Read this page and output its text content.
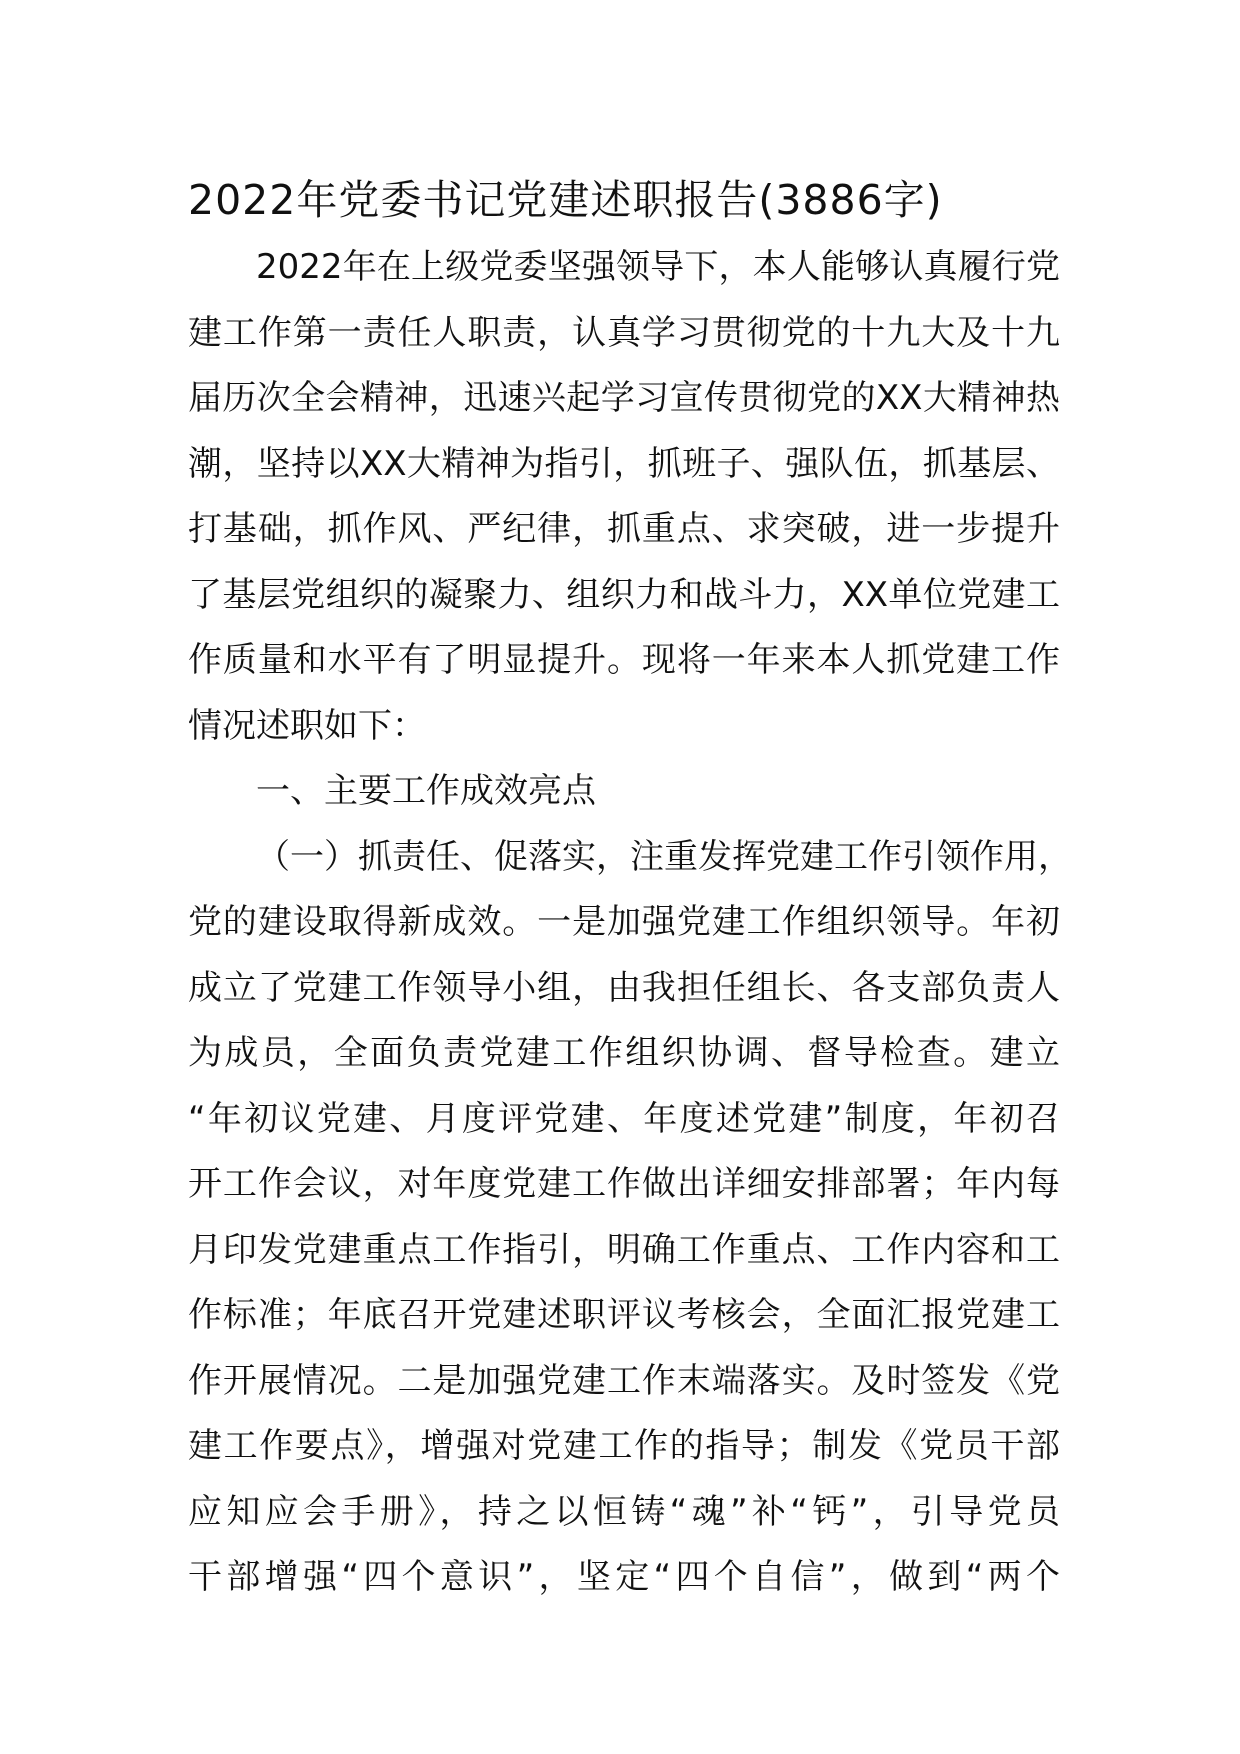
2022年党委书记党建述职报告(3886字)
2022年在上级党委坚强领导下，本人能够认真履行党
建工作第一责任人职责，认真学习贯彻党的十九大及十九
届历次全会精神，迅速兴起学习宣传贯彻党的XX大精神热
潮，坚持以XX大精神为指引，抓班子、强队伍，抓基层、
打基础，抓作风、严纪律，抓重点、求突破，进一步提升
了基层党组织的凝聚力、组织力和战斗力，XX单位党建工
作质量和水平有了明显提升。现将一年来本人抓党建工作
情况述职如下：
一、主要工作成效亮点
（一）抓责任、促落实，注重发挥党建工作引领作用，
党的建设取得新成效。一是加强党建工作组织领导。年初
成立了党建工作领导小组，由我担任组长、各支部负责人
为成员，全面负责党建工作组织协调、督导检查。建立
“年初议党建、月度评党建、年度述党建”制度，年初召
开工作会议，对年度党建工作做出详细安排部署；年内每
月印发党建重点工作指引，明确工作重点、工作内容和工
作标准；年底召开党建述职评议考核会，全面汇报党建工
作开展情况。二是加强党建工作末端落实。及时签发《党
建工作要点》，增强对党建工作的指导；制发《党员干部
应知应会手册》，持之以恒铸“魂”补“钙”，引导党员
干部增强“四个意识”，坚定“四个自信”，做到“两个
